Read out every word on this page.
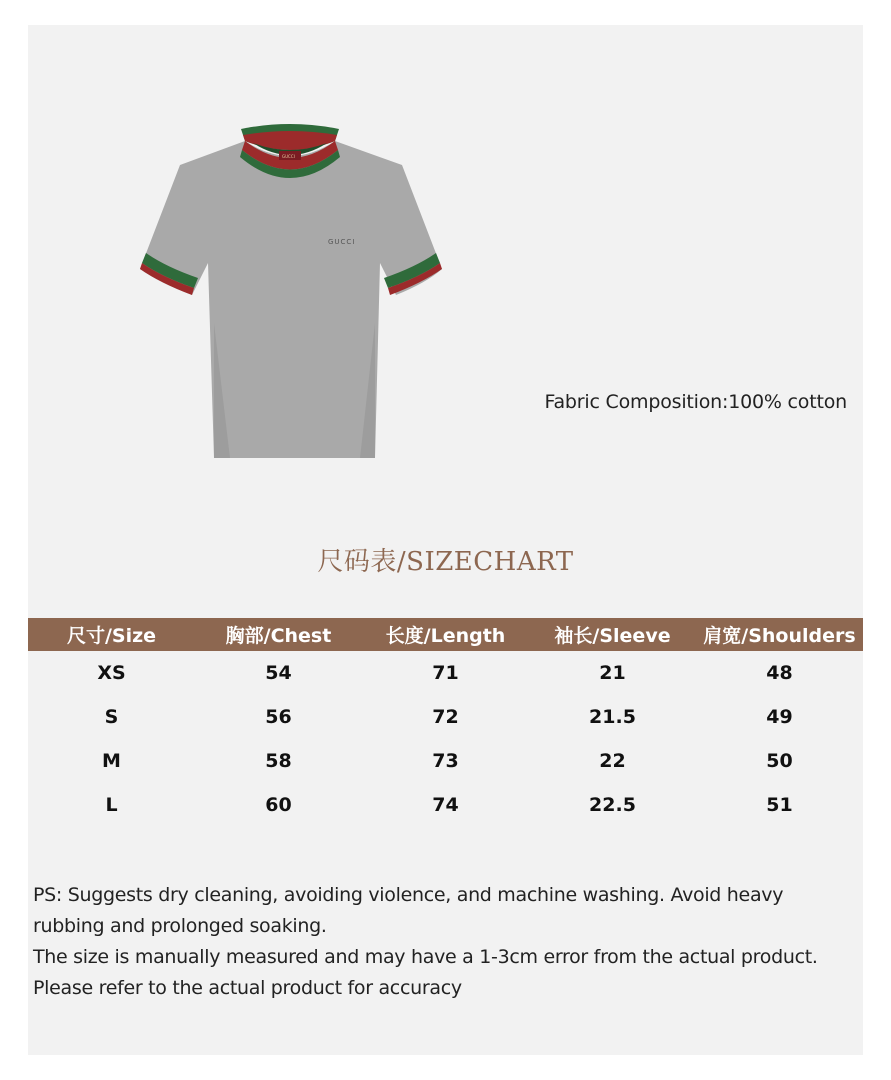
GUCCI
GUCCI
Fabric Composition:100% cotton
尺码表/SIZECHART
尺寸/Size	胸部/Chest	长度/Length	袖长/Sleeve	肩宽/Shoulders
XS	54	71	21	48
S	56	72	21.5	49
M	58	73	22	50
L	60	74	22.5	51

PS: Suggests dry cleaning, avoiding violence, and machine washing. Avoid heavy rubbing and prolonged soaking.

The size is manually measured and may have a 1-3cm error from the actual product.

Please refer to the actual product for accuracy
